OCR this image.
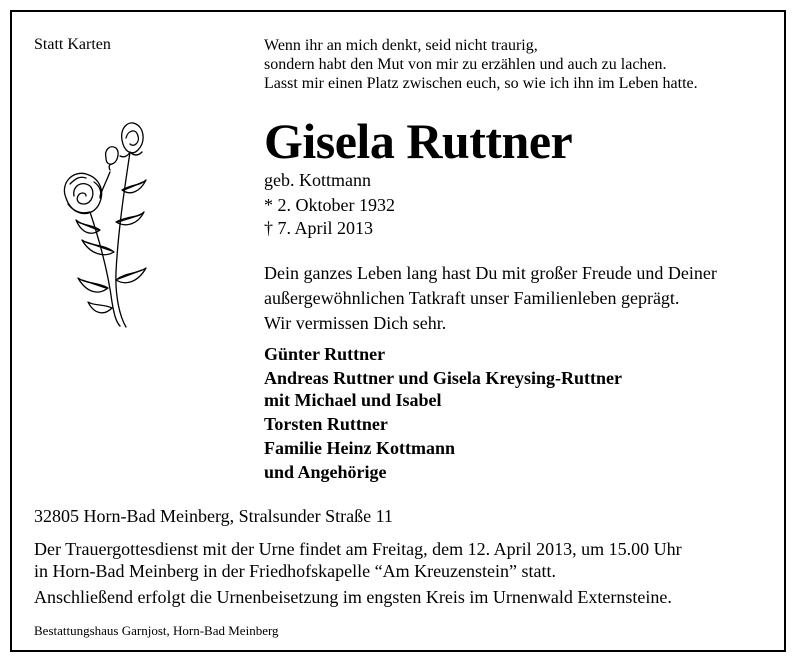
Statt Karten	Wenn ihr an mich denkt, seid nicht traurig,
sondern habt den Mut von mir zu erzählen und auch zu lachen.
Lasst mir einen Platz zwischen euch, so wie ich ihn im Leben hatte.
Gisela Ruttner
geb. Kottmann
* 2. Oktober 1932
† 7. April 2013
Dein ganzes Leben lang hast Du mit großer Freude und Deiner
außergewöhnlichen Tatkraft unser Familienleben geprägt.
Wir vermissen Dich sehr.
Günter Ruttner
Andreas Ruttner und Gisela Kreysing-Ruttner
mit Michael und Isabel
Torsten Ruttner
Familie Heinz Kottmann
und Angehörige
32805 Horn-Bad Meinberg, Stralsunder Straße 11
Der Trauergottesdienst mit der Urne findet am Freitag, dem 12. April 2013, um 15.00 Uhr
in Horn-Bad Meinberg in der Friedhofskapelle “Am Kreuzenstein” statt.
Anschließend erfolgt die Urnenbeisetzung im engsten Kreis im Urnenwald Externsteine.
Bestattungshaus Garnjost, Horn-Bad Meinberg
